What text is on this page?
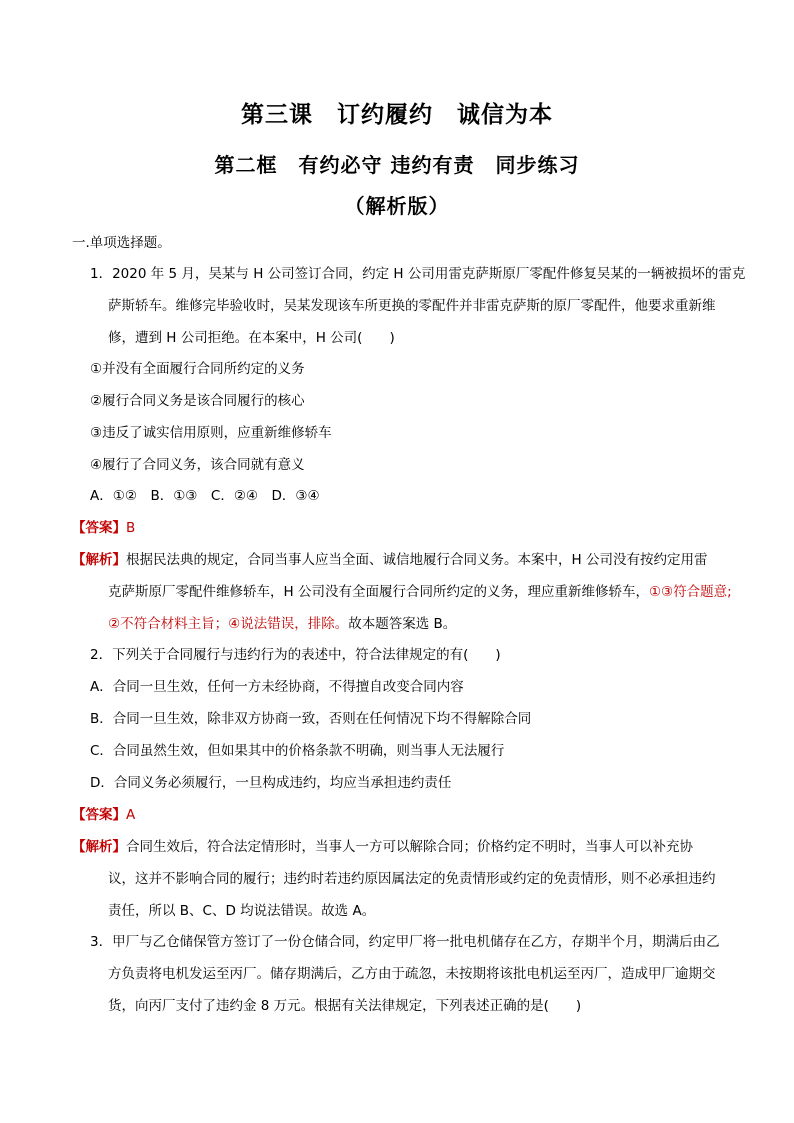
第三课　订约履约　诚信为本
第二框　有约必守 违约有责　同步练习
（解析版）
一.单项选择题。
1．2020 年 5 月，吴某与 H 公司签订合同，约定 H 公司用雷克萨斯原厂零配件修复吴某的一辆被损坏的雷克
萨斯轿车。维修完毕验收时，吴某发现该车所更换的零配件并非雷克萨斯的原厂零配件，他要求重新维
修，遭到 H 公司拒绝。在本案中，H 公司(　　)
①并没有全面履行合同所约定的义务
②履行合同义务是该合同履行的核心
③违反了诚实信用原则，应重新维修轿车
④履行了合同义务，该合同就有意义
A．①②　B．①③　C．②④　D．③④
【答案】B
【解析】根据民法典的规定，合同当事人应当全面、诚信地履行合同义务。本案中，H 公司没有按约定用雷
克萨斯原厂零配件维修轿车，H 公司没有全面履行合同所约定的义务，理应重新维修轿车，①③符合题意;
②不符合材料主旨；④说法错误，排除。故本题答案选 B。
2．下列关于合同履行与违约行为的表述中，符合法律规定的有(　　)
A．合同一旦生效，任何一方未经协商，不得擅自改变合同内容
B．合同一旦生效，除非双方协商一致，否则在任何情况下均不得解除合同
C．合同虽然生效，但如果其中的价格条款不明确，则当事人无法履行
D．合同义务必须履行，一旦构成违约，均应当承担违约责任
【答案】A
【解析】合同生效后，符合法定情形时，当事人一方可以解除合同；价格约定不明时，当事人可以补充协
议，这并不影响合同的履行；违约时若违约原因属法定的免责情形或约定的免责情形，则不必承担违约
责任，所以 B、C、D 均说法错误。故选 A。
3．甲厂与乙仓储保管方签订了一份仓储合同，约定甲厂将一批电机储存在乙方，存期半个月，期满后由乙
方负责将电机发运至丙厂。储存期满后，乙方由于疏忽，未按期将该批电机运至丙厂，造成甲厂逾期交
货，向丙厂支付了违约金 8 万元。根据有关法律规定，下列表述正确的是(　　)
